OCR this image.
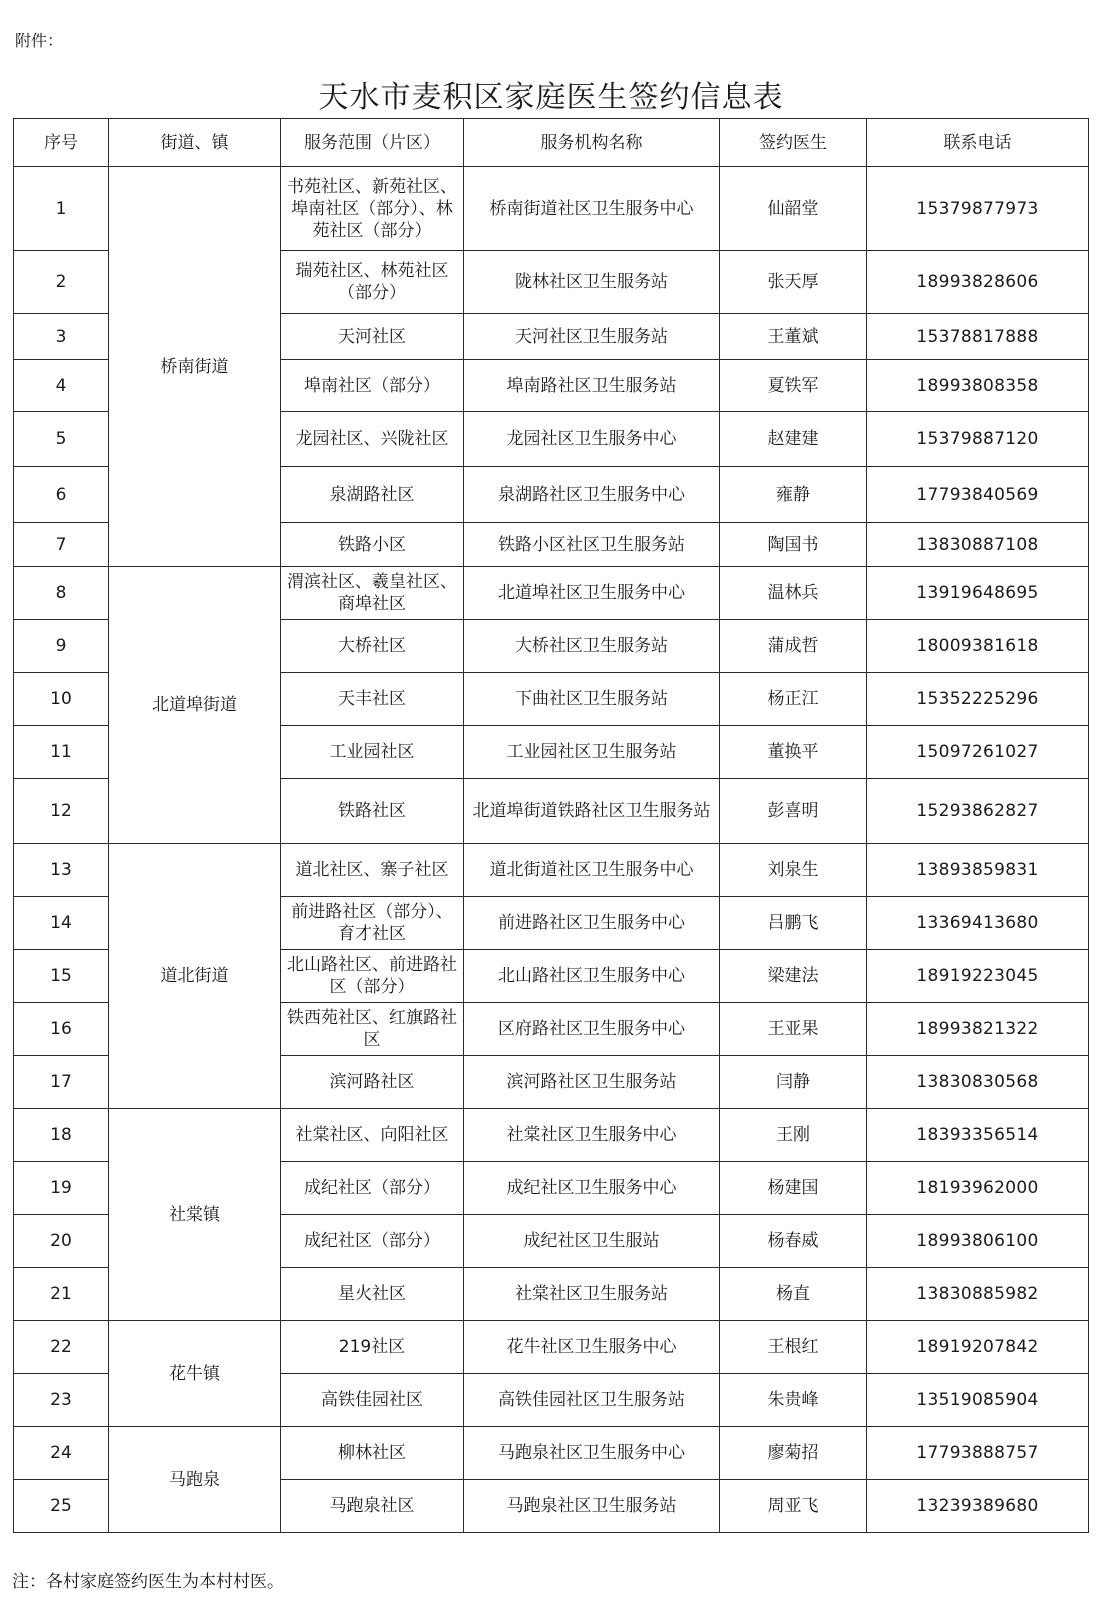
附件：
天水市麦积区家庭医生签约信息表
序号	街道、镇	服务范围（片区）	服务机构名称	签约医生	联系电话
1	桥南街道	书苑社区、新苑社区、埠南社区（部分）、林苑社区（部分）	桥南街道社区卫生服务中心	仙韶堂	15379877973
2		瑞苑社区、林苑社区（部分）	陇林社区卫生服务站	张天厚	18993828606
3		天河社区	天河社区卫生服务站	王董斌	15378817888
4		埠南社区（部分）	埠南路社区卫生服务站	夏铁军	18993808358
5		龙园社区、兴陇社区	龙园社区卫生服务中心	赵建建	15379887120
6		泉湖路社区	泉湖路社区卫生服务中心	雍静	17793840569
7		铁路小区	铁路小区社区卫生服务站	陶国书	13830887108
8	北道埠街道	渭滨社区、羲皇社区、商埠社区	北道埠社区卫生服务中心	温林兵	13919648695
9		大桥社区	大桥社区卫生服务站	蒲成哲	18009381618
10		天丰社区	下曲社区卫生服务站	杨正江	15352225296
11		工业园社区	工业园社区卫生服务站	董换平	15097261027
12		铁路社区	北道埠街道铁路社区卫生服务站	彭喜明	15293862827
13	道北街道	道北社区、寨子社区	道北街道社区卫生服务中心	刘泉生	13893859831
14		前进路社区（部分）、育才社区	前进路社区卫生服务中心	吕鹏飞	13369413680
15		北山路社区、前进路社区（部分）	北山路社区卫生服务中心	梁建法	18919223045
16		铁西苑社区、红旗路社区	区府路社区卫生服务中心	王亚果	18993821322
17		滨河路社区	滨河路社区卫生服务站	闫静	13830830568
18	社棠镇	社棠社区、向阳社区	社棠社区卫生服务中心	王刚	18393356514
19		成纪社区（部分）	成纪社区卫生服务中心	杨建国	18193962000
20		成纪社区（部分）	成纪社区卫生服站	杨春威	18993806100
21		星火社区	社棠社区卫生服务站	杨直	13830885982
22	花牛镇	219社区	花牛社区卫生服务中心	王根红	18919207842
23		高铁佳园社区	高铁佳园社区卫生服务站	朱贵峰	13519085904
24	马跑泉	柳林社区	马跑泉社区卫生服务中心	廖菊招	17793888757
25		马跑泉社区	马跑泉社区卫生服务站	周亚飞	13239389680
注：各村家庭签约医生为本村村医。
